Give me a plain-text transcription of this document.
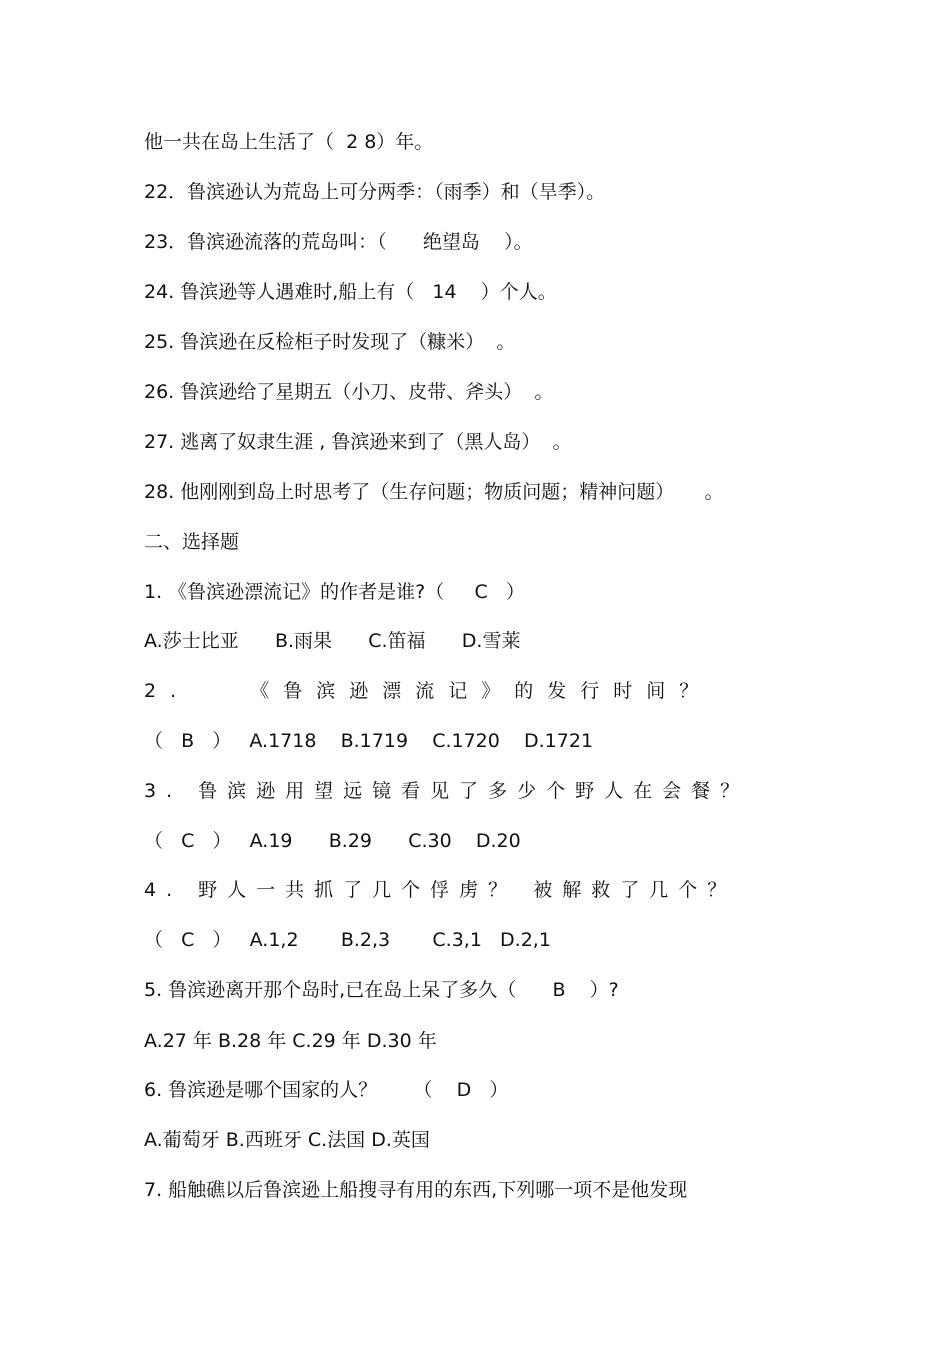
他一共在岛上生活了（  2 8）年。
22．鲁滨逊认为荒岛上可分两季：（雨季）和（旱季）。
23．鲁滨逊流落的荒岛叫：（      绝望岛    ）。
24. 鲁滨逊等人遇难时,船上有（   14    ）个人。
25. 鲁滨逊在反检柜子时发现了（糠米）  。
26. 鲁滨逊给了星期五（小刀、皮带、斧头）  。
27. 逃离了奴隶生涯 , 鲁滨逊来到了（黑人岛）  。
28. 他刚刚到岛上时思考了（生存问题；物质问题；精神问题）     。
二、选择题
1. 《鲁滨逊漂流记》的作者是谁?（     C   ）
A.莎士比亚      B.雨果      C.笛福      D.雪莱
2.   《鲁滨逊漂流记》的发行时间？
（   B   ）   A.1718    B.1719    C.1720    D.1721
3. 鲁滨逊用望远镜看见了多少个野人在会餐？
（   C   ）   A.19      B.29      C.30    D.20
4. 野人一共抓了几个俘虏？ 被解救了几个？
（   C   ）   A.1,2       B.2,3       C.3,1   D.2,1
5. 鲁滨逊离开那个岛时,已在岛上呆了多久（      B    ）?
A.27 年 B.28 年 C.29 年 D.30 年
6. 鲁滨逊是哪个国家的人？      （    D   ）
A.葡萄牙 B.西班牙 C.法国 D.英国
7. 船触礁以后鲁滨逊上船搜寻有用的东西,下列哪一项不是他发现
